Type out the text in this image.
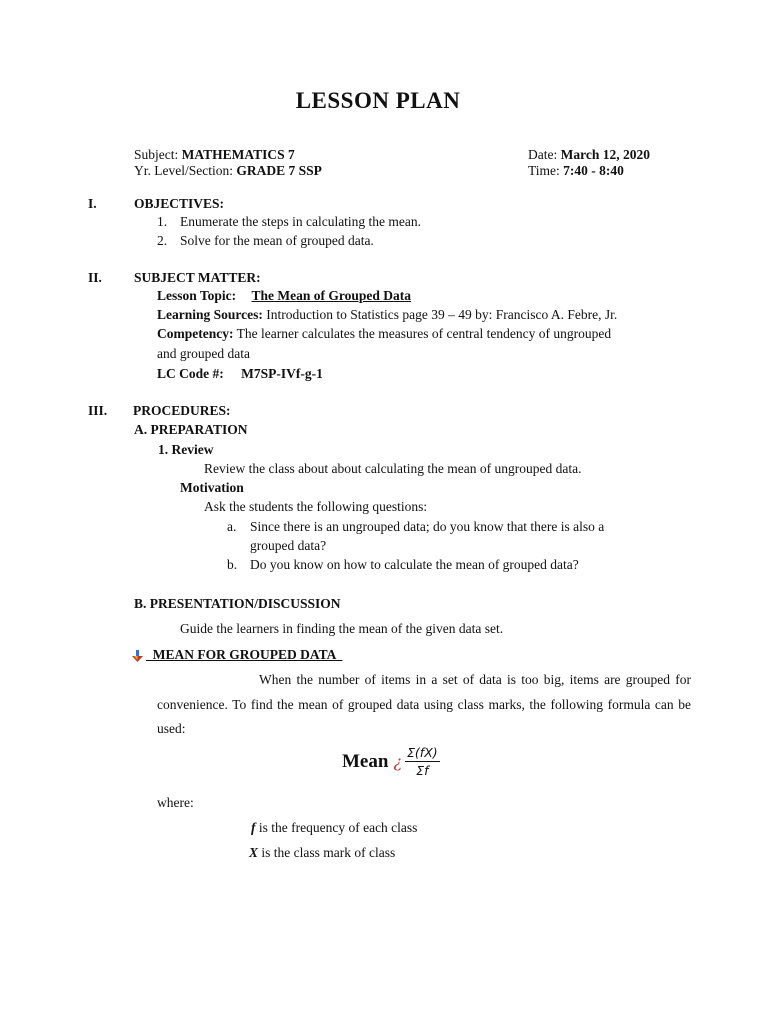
LESSON PLAN
Subject: MATHEMATICS 7
Yr. Level/Section: GRADE 7 SSP
Date: March 12, 2020
Time: 7:40 - 8:40
I.	OBJECTIVES:
1. Enumerate the steps in calculating the mean.
2. Solve for the mean of grouped data.
II. SUBJECT MATTER:
Lesson Topic: The Mean of Grouped Data
Learning Sources: Introduction to Statistics page 39 – 49 by: Francisco A. Febre, Jr.
Competency: The learner calculates the measures of central tendency of ungrouped
and grouped data
LC Code #: M7SP-IVf-g-1
III. PROCEDURES:
A. PREPARATION
1. Review
Review the class about about calculating the mean of ungrouped data.
Motivation
Ask the students the following questions:
a. Since there is an ungrouped data; do you know that there is also a
grouped data?
b. Do you know on how to calculate the mean of grouped data?
B. PRESENTATION/DISCUSSION
Guide the learners in finding the mean of the given data set.
MEAN FOR GROUPED DATA
When the number of items in a set of data is too big, items are grouped for convenience. To find the mean of grouped data using class marks, the following formula can be used:
Mean ¿ $\frac{\Sigma(fX)}{\Sigma f}$
where:
f is the frequency of each class
X is the class mark of class
